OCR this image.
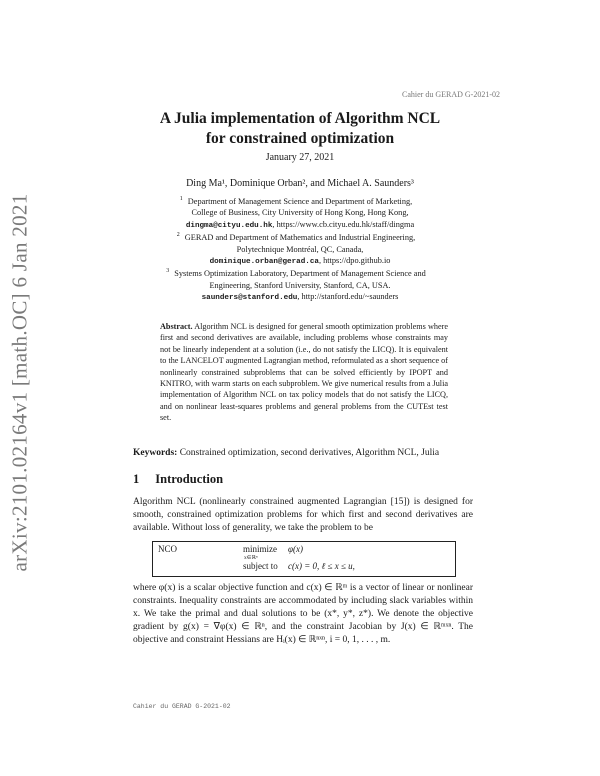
arXiv:2101.02164v1 [math.OC] 6 Jan 2021
Cahier du GERAD G-2021-02
A Julia implementation of Algorithm NCL
for constrained optimization
January 27, 2021
Ding Ma¹, Dominique Orban², and Michael A. Saunders³
1 Department of Management Science and Department of Marketing,
College of Business, City University of Hong Kong, Hong Kong,
dingma@cityu.edu.hk, https://www.cb.cityu.edu.hk/staff/dingma
2 GERAD and Department of Mathematics and Industrial Engineering,
Polytechnique Montréal, QC, Canada,
dominique.orban@gerad.ca, https://dpo.github.io
3 Systems Optimization Laboratory, Department of Management Science and
Engineering, Stanford University, Stanford, CA, USA.
saunders@stanford.edu, http://stanford.edu/~saunders
Abstract. Algorithm NCL is designed for general smooth optimization problems where first and second derivatives are available, including problems whose constraints may not be linearly independent at a solution (i.e., do not satisfy the LICQ). It is equivalent to the LANCELOT augmented Lagrangian method, reformulated as a short sequence of nonlinearly constrained subproblems that can be solved efficiently by IPOPT and KNITRO, with warm starts on each subproblem. We give numerical results from a Julia implementation of Algorithm NCL on tax policy models that do not satisfy the LICQ, and on nonlinear least-squares problems and general problems from the CUTEst test set.
Keywords: Constrained optimization, second derivatives, Algorithm NCL, Julia
1 Introduction
Algorithm NCL (nonlinearly constrained augmented Lagrangian [15]) is designed for smooth, constrained optimization problems for which first and second derivatives are available. Without loss of generality, we take the problem to be
NCO	minimize
x∈ℝⁿ
φ(x)
subject to c(x) = 0, ℓ ≤ x ≤ u,
where φ(x) is a scalar objective function and c(x) ∈ ℝᵐ is a vector of linear or nonlinear constraints. Inequality constraints are accommodated by including slack variables within x. We take the primal and dual solutions to be (x*, y*, z*). We denote the objective gradient by g(x) = ∇φ(x) ∈ ℝⁿ, and the constraint Jacobian by J(x) ∈ ℝᵐˣⁿ. The objective and constraint Hessians are Hᵢ(x) ∈ ℝⁿˣⁿ, i = 0, 1, . . . , m.
Cahier du GERAD G-2021-02
